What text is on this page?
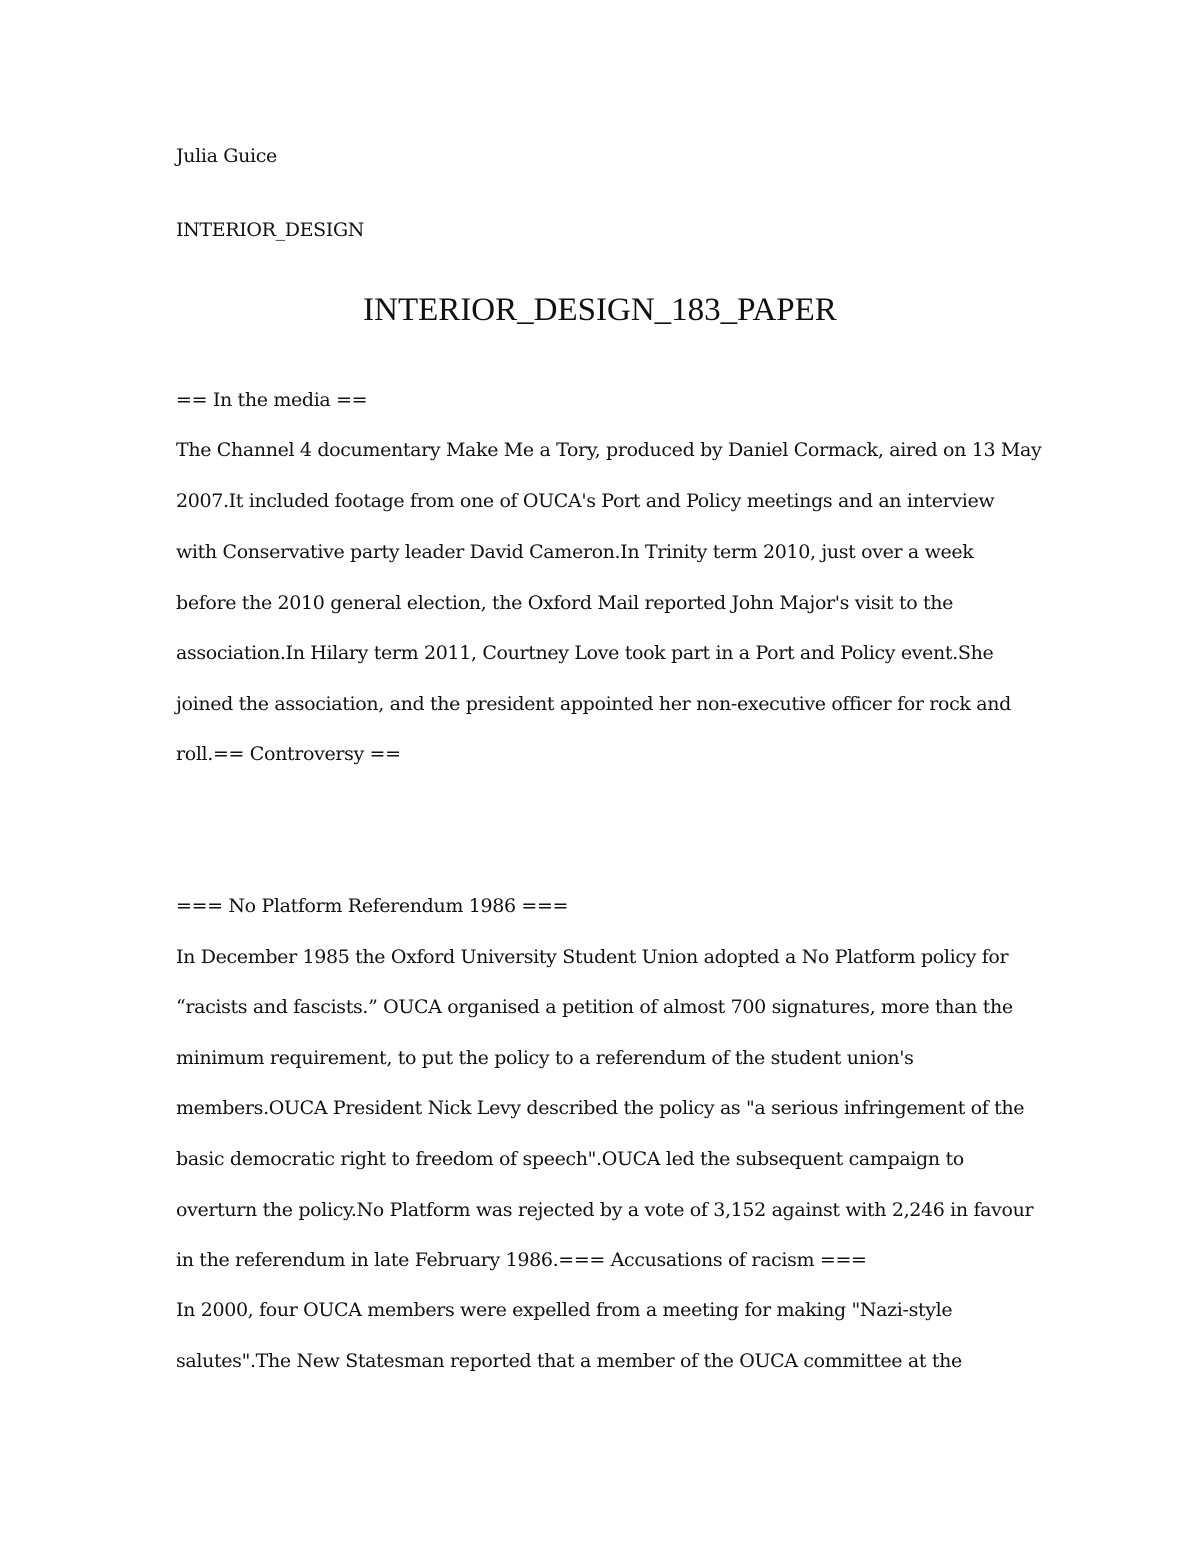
Julia Guice
INTERIOR_DESIGN
INTERIOR_DESIGN_183_PAPER
== In the media ==
The Channel 4 documentary Make Me a Tory, produced by Daniel Cormack, aired on 13 May
2007.It included footage from one of OUCA's Port and Policy meetings and an interview
with Conservative party leader David Cameron.In Trinity term 2010, just over a week
before the 2010 general election, the Oxford Mail reported John Major's visit to the
association.In Hilary term 2011, Courtney Love took part in a Port and Policy event.She
joined the association, and the president appointed her non-executive officer for rock and
roll.== Controversy ==
=== No Platform Referendum 1986 ===
In December 1985 the Oxford University Student Union adopted a No Platform policy for
“racists and fascists.” OUCA organised a petition of almost 700 signatures, more than the
minimum requirement, to put the policy to a referendum of the student union's
members.OUCA President Nick Levy described the policy as "a serious infringement of the
basic democratic right to freedom of speech".OUCA led the subsequent campaign to
overturn the policy.No Platform was rejected by a vote of 3,152 against with 2,246 in favour
in the referendum in late February 1986.=== Accusations of racism ===
In 2000, four OUCA members were expelled from a meeting for making "Nazi-style
salutes".The New Statesman reported that a member of the OUCA committee at the
